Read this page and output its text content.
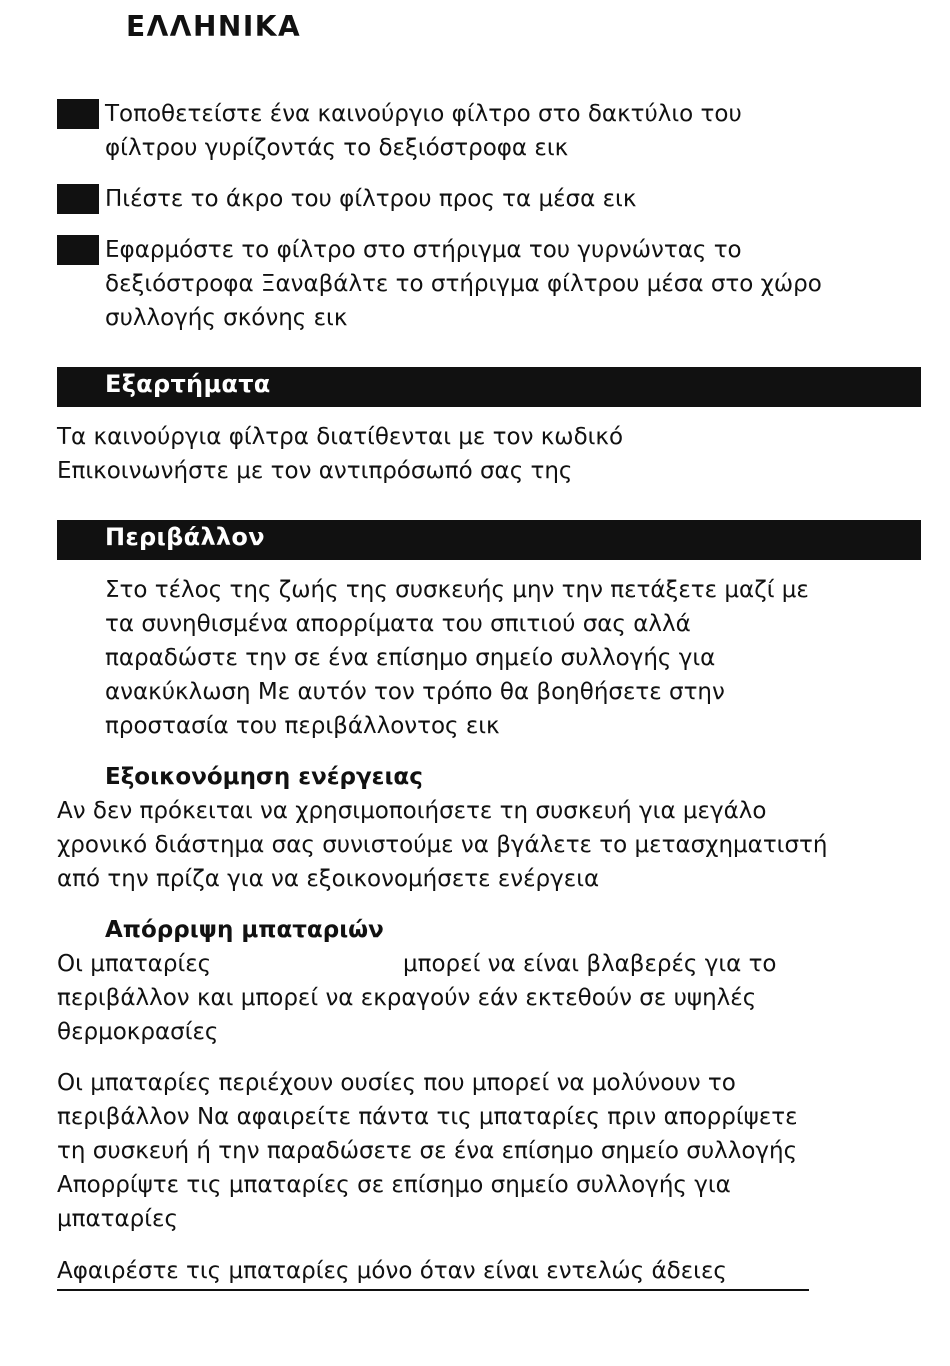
ΕΛΛΗΝΙΚΑ
Τοποθετείστε ένα καινούργιο φίλτρο στο δακτύλιο του
φίλτρου γυρίζοντάς το δεξιόστροφα εικ
Πιέστε το άκρο του φίλτρου προς τα μέσα εικ
Εφαρμόστε το φίλτρο στο στήριγμα του γυρνώντας το
δεξιόστροφα Ξαναβάλτε το στήριγμα φίλτρου μέσα στο χώρο
συλλογής σκόνης εικ
Εξαρτήματα
Τα καινούργια φίλτρα διατίθενται με τον κωδικό
Επικοινωνήστε με τον αντιπρόσωπό σας της
Περιβάλλον
Στο τέλος της ζωής της συσκευής μην την πετάξετε μαζί με
τα συνηθισμένα απορρίματα του σπιτιού σας αλλά
παραδώστε την σε ένα επίσημο σημείο συλλογής για
ανακύκλωση Με αυτόν τον τρόπο θα βοηθήσετε στην
προστασία του περιβάλλοντος εικ
Εξοικονόμηση ενέργειας
Αν δεν πρόκειται να χρησιμοποιήσετε τη συσκευή για μεγάλο
χρονικό διάστημα σας συνιστούμε να βγάλετε το μετασχηματιστή
από την πρίζα για να εξοικονομήσετε ενέργεια
Απόρριψη μπαταριών
Οι μπαταρίες	μπορεί να είναι βλαβερές για το
περιβάλλον και μπορεί να εκραγούν εάν εκτεθούν σε υψηλές
θερμοκρασίες
Οι μπαταρίες περιέχουν ουσίες που μπορεί να μολύνουν το
περιβάλλον Να αφαιρείτε πάντα τις μπαταρίες πριν απορρίψετε
τη συσκευή ή την παραδώσετε σε ένα επίσημο σημείο συλλογής
Απορρίψτε τις μπαταρίες σε επίσημο σημείο συλλογής για
μπαταρίες
Αφαιρέστε τις μπαταρίες μόνο όταν είναι εντελώς άδειες
